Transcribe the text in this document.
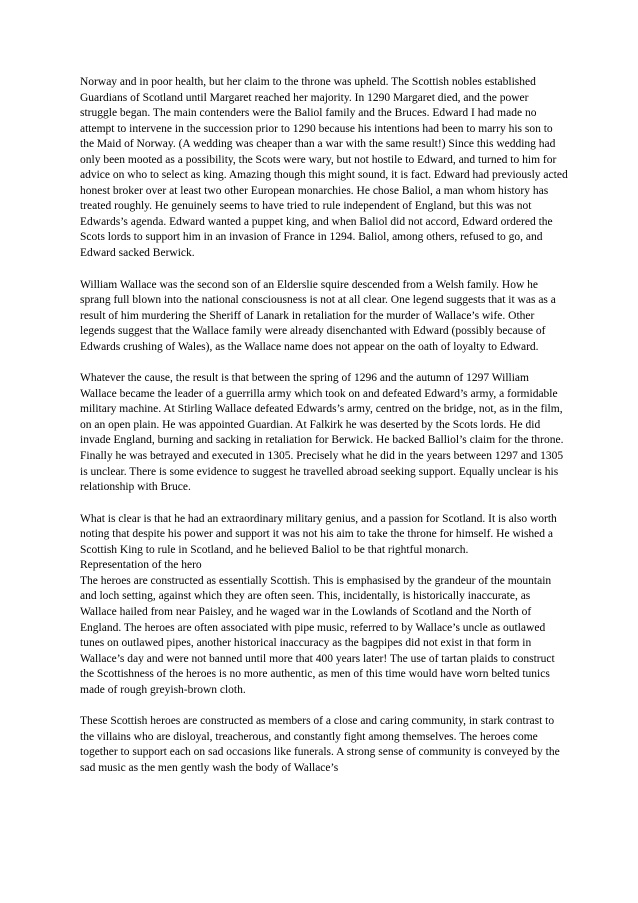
Norway and in poor health, but her claim to the throne was upheld. The Scottish nobles established Guardians of Scotland until Margaret reached her majority. In 1290 Margaret died, and the power struggle began. The main contenders were the Baliol family and the Bruces. Edward I had made no attempt to intervene in the succession prior to 1290 because his intentions had been to marry his son to the Maid of Norway. (A wedding was cheaper than a war with the same result!) Since this wedding had only been mooted as a possibility, the Scots were wary, but not hostile to Edward, and turned to him for advice on who to select as king. Amazing though this might sound, it is fact. Edward had previously acted honest broker over at least two other European monarchies. He chose Baliol, a man whom history has treated roughly. He genuinely seems to have tried to rule independent of England, but this was not Edwards’s agenda. Edward wanted a puppet king, and when Baliol did not accord, Edward ordered the Scots lords to support him in an invasion of France in 1294. Baliol, among others, refused to go, and Edward sacked Berwick.

William Wallace was the second son of an Elderslie squire descended from a Welsh family. How he sprang full blown into the national consciousness is not at all clear. One legend suggests that it was as a result of him murdering the Sheriff of Lanark in retaliation for the murder of Wallace’s wife. Other legends suggest that the Wallace family were already disenchanted with Edward (possibly because of Edwards crushing of Wales), as the Wallace name does not appear on the oath of loyalty to Edward.

Whatever the cause, the result is that between the spring of 1296 and the autumn of 1297 William Wallace became the leader of a guerrilla army which took on and defeated Edward’s army, a formidable military machine. At Stirling Wallace defeated Edwards’s army, centred on the bridge, not, as in the film, on an open plain. He was appointed Guardian. At Falkirk he was deserted by the Scots lords. He did invade England, burning and sacking in retaliation for Berwick. He backed Balliol’s claim for the throne. Finally he was betrayed and executed in 1305. Precisely what he did in the years between 1297 and 1305 is unclear. There is some evidence to suggest he travelled abroad seeking support. Equally unclear is his relationship with Bruce.

What is clear is that he had an extraordinary military genius, and a passion for Scotland. It is also worth noting that despite his power and support it was not his aim to take the throne for himself. He wished a Scottish King to rule in Scotland, and he believed Baliol to be that rightful monarch.

Representation of the hero

The heroes are constructed as essentially Scottish. This is emphasised by the grandeur of the mountain and loch setting, against which they are often seen. This, incidentally, is historically inaccurate, as Wallace hailed from near Paisley, and he waged war in the Lowlands of Scotland and the North of England. The heroes are often associated with pipe music, referred to by Wallace’s uncle as outlawed tunes on outlawed pipes, another historical inaccuracy as the bagpipes did not exist in that form in Wallace’s day and were not banned until more that 400 years later! The use of tartan plaids to construct the Scottishness of the heroes is no more authentic, as men of this time would have worn belted tunics made of rough greyish-brown cloth.

These Scottish heroes are constructed as members of a close and caring community, in stark contrast to the villains who are disloyal, treacherous, and constantly fight among themselves. The heroes come together to support each on sad occasions like funerals. A strong sense of community is conveyed by the sad music as the men gently wash the body of Wallace’s
